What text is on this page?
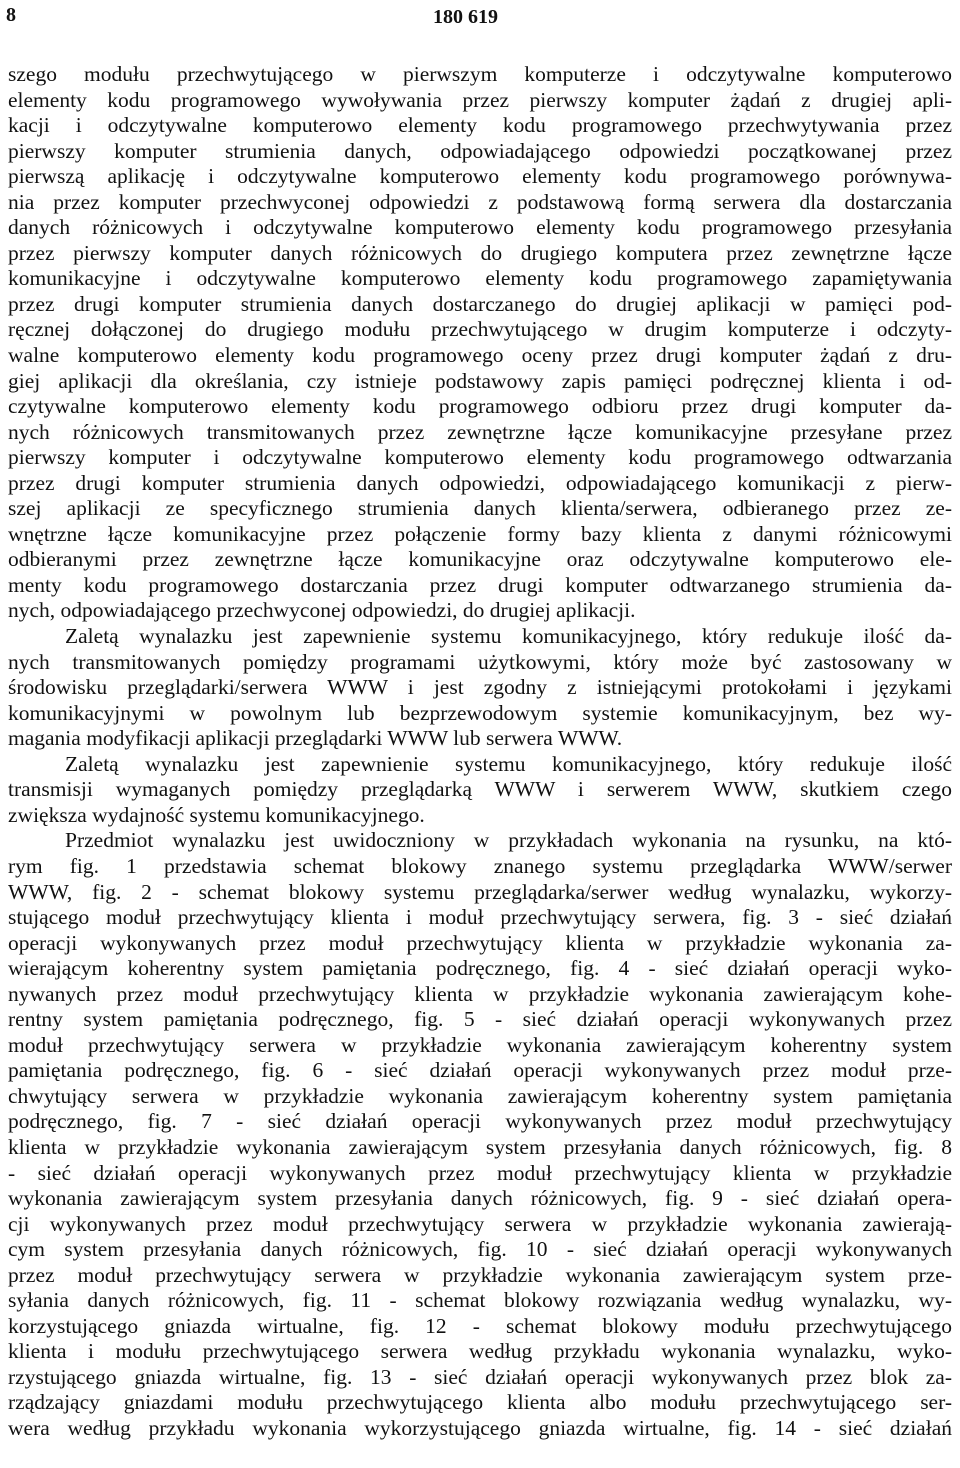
8	180 619
szego modułu przechwytującego w pierwszym komputerze i odczytywalne komputerowo
elementy kodu programowego wywoływania przez pierwszy komputer żądań z drugiej apli-
kacji i odczytywalne komputerowo elementy kodu programowego przechwytywania przez
pierwszy komputer strumienia danych, odpowiadającego odpowiedzi początkowanej przez
pierwszą aplikację i odczytywalne komputerowo elementy kodu programowego porównywa-
nia przez komputer przechwyconej odpowiedzi z podstawową formą serwera dla dostarczania
danych różnicowych i odczytywalne komputerowo elementy kodu programowego przesyłania
przez pierwszy komputer danych różnicowych do drugiego komputera przez zewnętrzne łącze
komunikacyjne i odczytywalne komputerowo elementy kodu programowego zapamiętywania
przez drugi komputer strumienia danych dostarczanego do drugiej aplikacji w pamięci pod-
ręcznej dołączonej do drugiego modułu przechwytującego w drugim komputerze i odczyty-
walne komputerowo elementy kodu programowego oceny przez drugi komputer żądań z dru-
giej aplikacji dla określania, czy istnieje podstawowy zapis pamięci podręcznej klienta i od-
czytywalne komputerowo elementy kodu programowego odbioru przez drugi komputer da-
nych różnicowych transmitowanych przez zewnętrzne łącze komunikacyjne przesyłane przez
pierwszy komputer i odczytywalne komputerowo elementy kodu programowego odtwarzania
przez drugi komputer strumienia danych odpowiedzi, odpowiadającego komunikacji z pierw-
szej aplikacji ze specyficznego strumienia danych klienta/serwera, odbieranego przez ze-
wnętrzne łącze komunikacyjne przez połączenie formy bazy klienta z danymi różnicowymi
odbieranymi przez zewnętrzne łącze komunikacyjne oraz odczytywalne komputerowo ele-
menty kodu programowego dostarczania przez drugi komputer odtwarzanego strumienia da-
nych, odpowiadającego przechwyconej odpowiedzi, do drugiej aplikacji.
Zaletą wynalazku jest zapewnienie systemu komunikacyjnego, który redukuje ilość da-
nych transmitowanych pomiędzy programami użytkowymi, który może być zastosowany w
środowisku przeglądarki/serwera WWW i jest zgodny z istniejącymi protokołami i językami
komunikacyjnymi w powolnym lub bezprzewodowym systemie komunikacyjnym, bez wy-
magania modyfikacji aplikacji przeglądarki WWW lub serwera WWW.
Zaletą wynalazku jest zapewnienie systemu komunikacyjnego, który redukuje ilość
transmisji wymaganych pomiędzy przeglądarką WWW i serwerem WWW, skutkiem czego
zwiększa wydajność systemu komunikacyjnego.
Przedmiot wynalazku jest uwidoczniony w przykładach wykonania na rysunku, na któ-
rym fig. 1 przedstawia schemat blokowy znanego systemu przeglądarka WWW/serwer
WWW, fig. 2 - schemat blokowy systemu przeglądarka/serwer według wynalazku, wykorzy-
stującego moduł przechwytujący klienta i moduł przechwytujący serwera, fig. 3 - sieć działań
operacji wykonywanych przez moduł przechwytujący klienta w przykładzie wykonania za-
wierającym koherentny system pamiętania podręcznego, fig. 4 - sieć działań operacji wyko-
nywanych przez moduł przechwytujący klienta w przykładzie wykonania zawierającym kohe-
rentny system pamiętania podręcznego, fig. 5 - sieć działań operacji wykonywanych przez
moduł przechwytujący serwera w przykładzie wykonania zawierającym koherentny system
pamiętania podręcznego, fig. 6 - sieć działań operacji wykonywanych przez moduł prze-
chwytujący serwera w przykładzie wykonania zawierającym koherentny system pamiętania
podręcznego, fig. 7 - sieć działań operacji wykonywanych przez moduł przechwytujący
klienta w przykładzie wykonania zawierającym system przesyłania danych różnicowych, fig. 8
- sieć działań operacji wykonywanych przez moduł przechwytujący klienta w przykładzie
wykonania zawierającym system przesyłania danych różnicowych, fig. 9 - sieć działań opera-
cji wykonywanych przez moduł przechwytujący serwera w przykładzie wykonania zawierają-
cym system przesyłania danych różnicowych, fig. 10 - sieć działań operacji wykonywanych
przez moduł przechwytujący serwera w przykładzie wykonania zawierającym system prze-
syłania danych różnicowych, fig. 11 - schemat blokowy rozwiązania według wynalazku, wy-
korzystującego gniazda wirtualne, fig. 12 - schemat blokowy modułu przechwytującego
klienta i modułu przechwytującego serwera według przykładu wykonania wynalazku, wyko-
rzystującego gniazda wirtualne, fig. 13 - sieć działań operacji wykonywanych przez blok za-
rządzający gniazdami modułu przechwytującego klienta albo modułu przechwytującego ser-
wera według przykładu wykonania wykorzystującego gniazda wirtualne, fig. 14 - sieć działań
